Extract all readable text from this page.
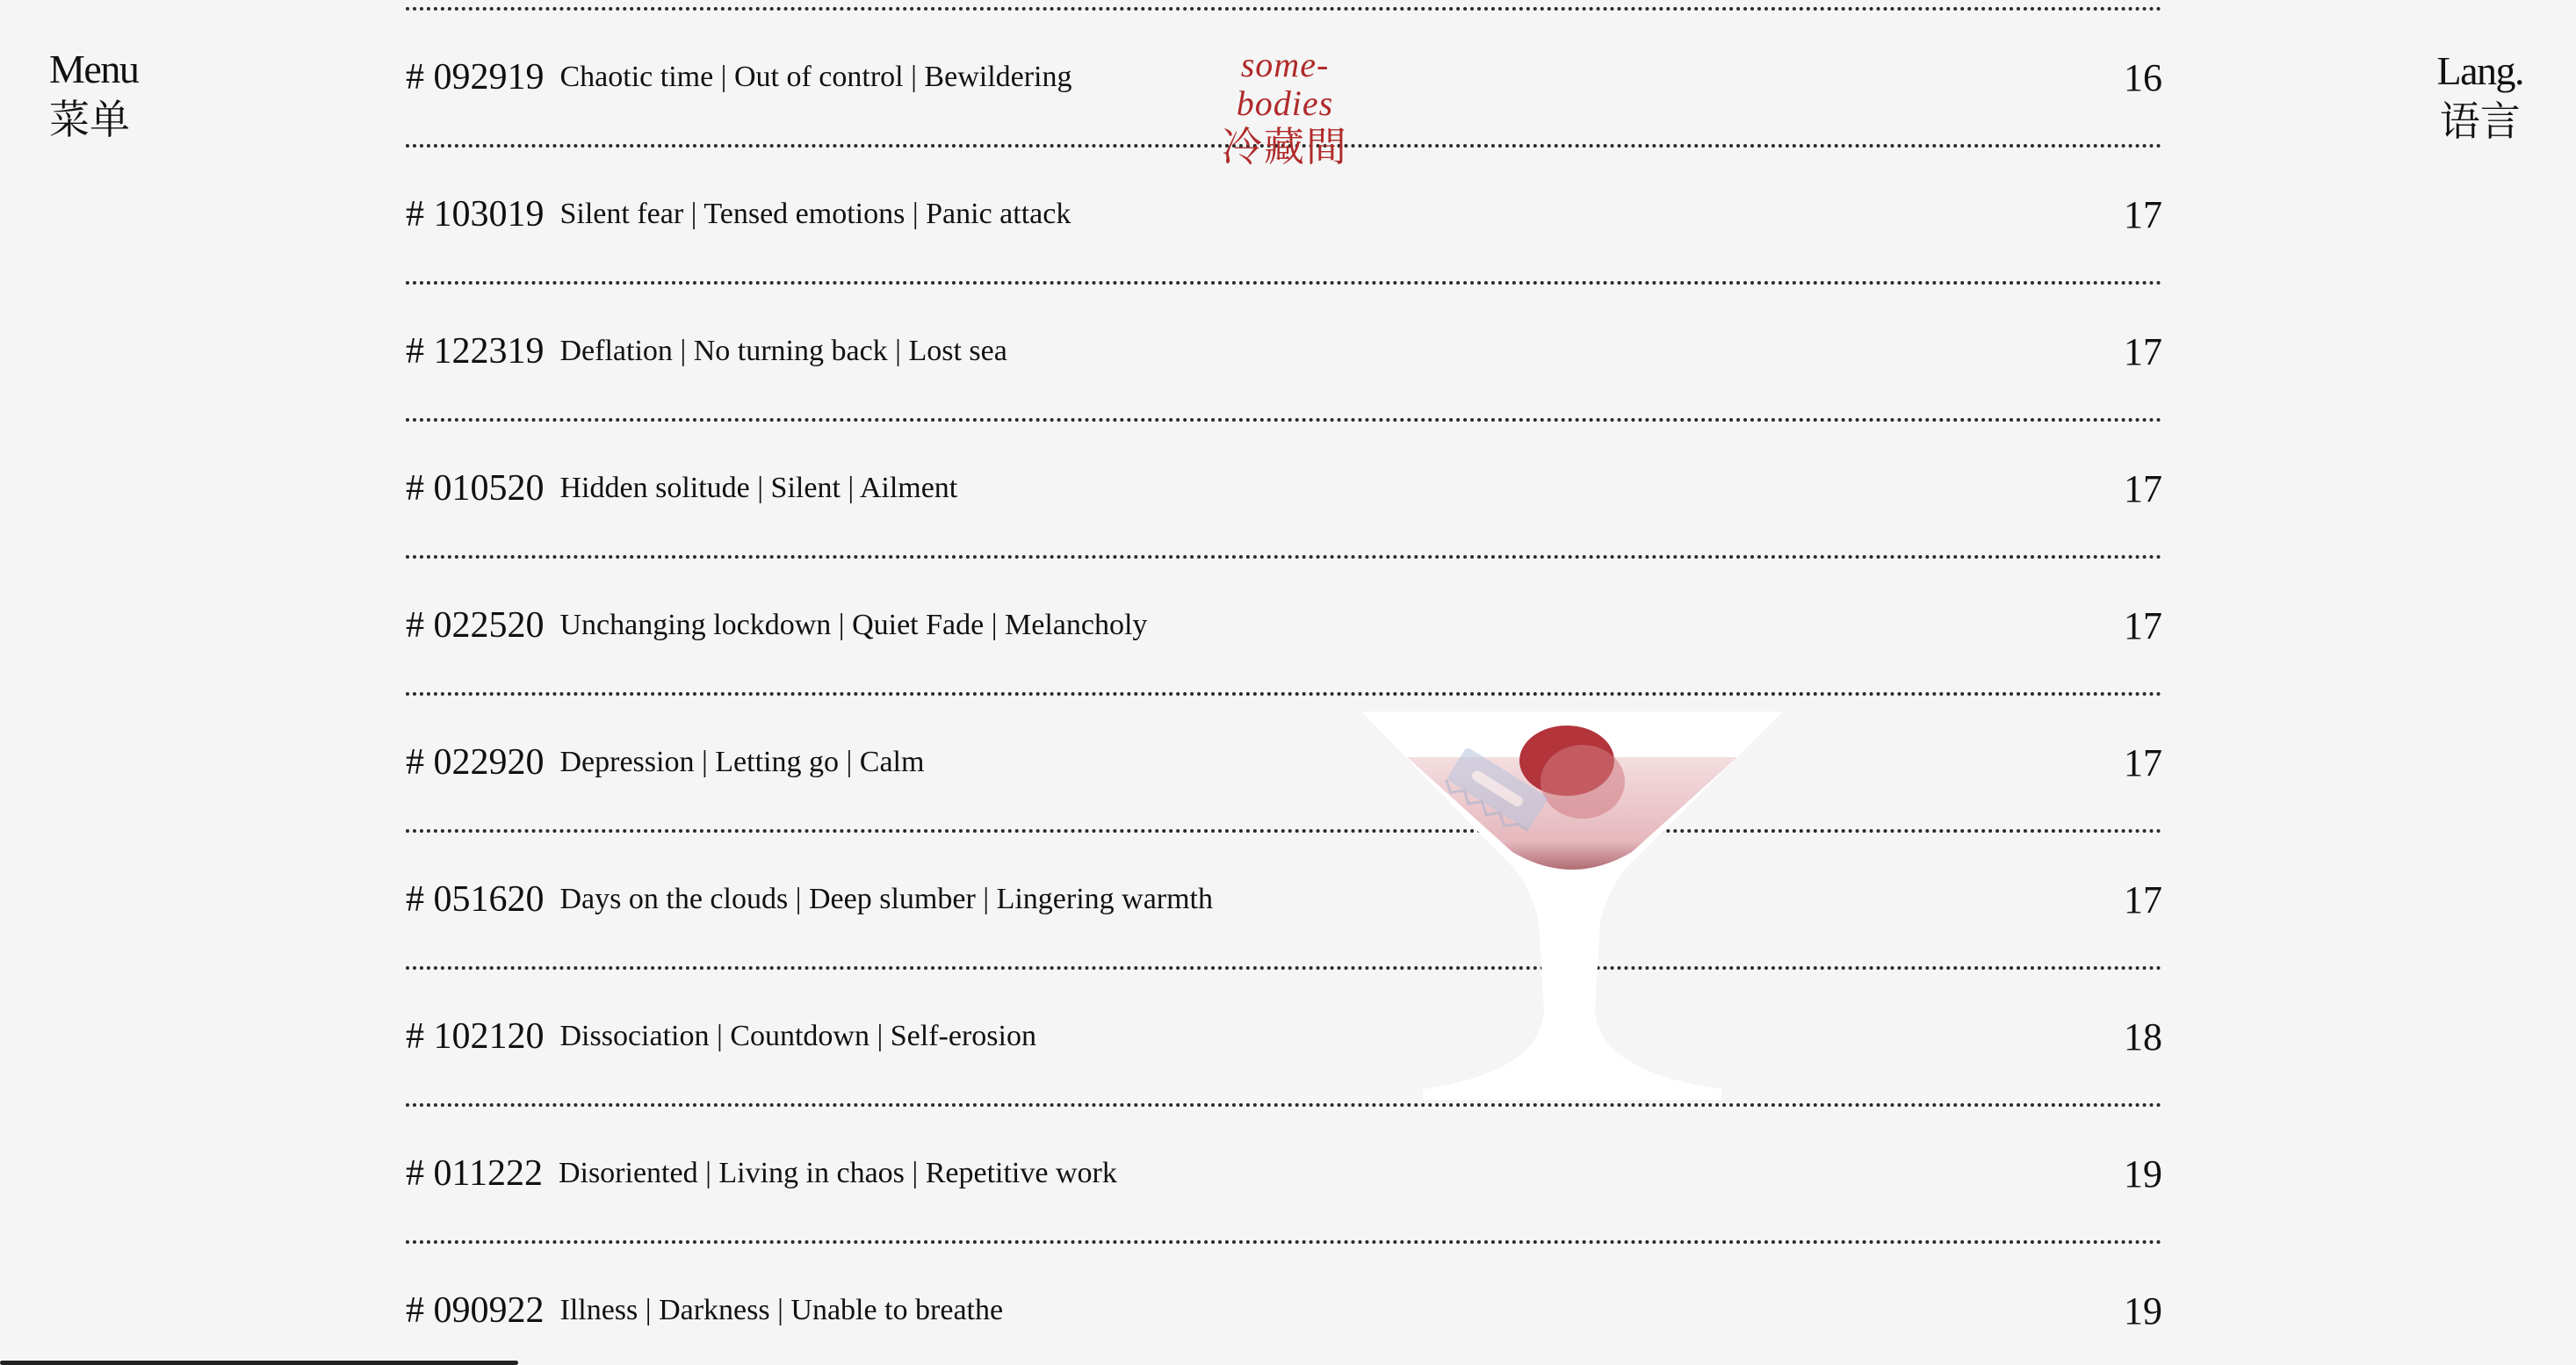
Menu
菜单
Lang.
语言
some-bodies
冷藏間
# 092919 Chaotic time | Out of control | Bewildering	16
# 103019 Silent fear | Tensed emotions | Panic attack	17
# 122319 Deflation | No turning back | Lost sea	17
# 010520 Hidden solitude | Silent | Ailment	17
# 022520 Unchanging lockdown | Quiet Fade | Melancholy	17
# 022920 Depression | Letting go | Calm	17
# 051620 Days on the clouds | Deep slumber | Lingering warmth	17
# 102120 Dissociation | Countdown | Self-erosion	18
# 011222 Disoriented | Living in chaos | Repetitive work	19
# 090922 Illness | Darkness | Unable to breathe	19
